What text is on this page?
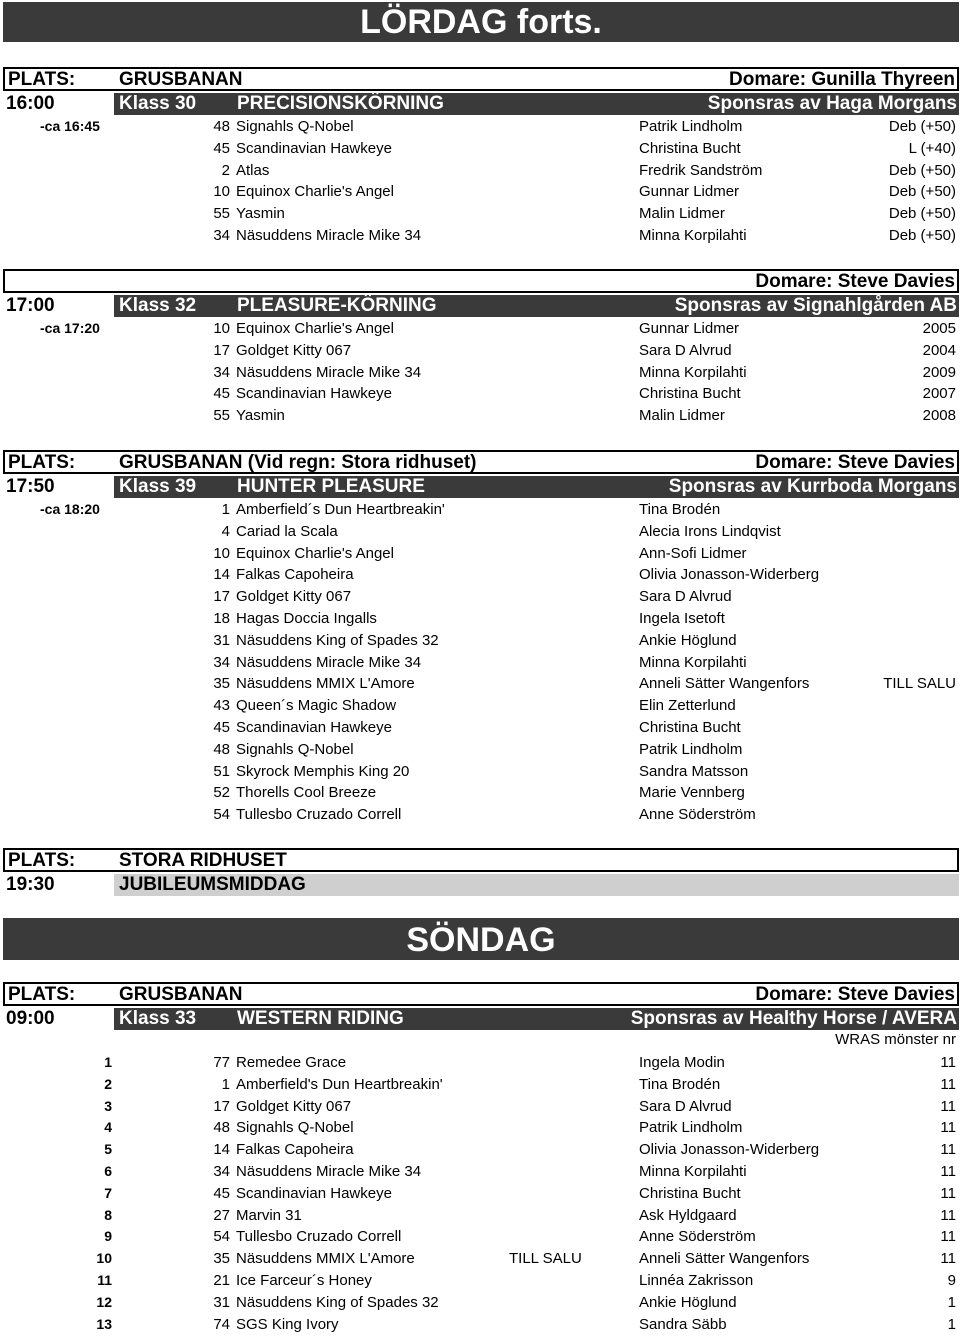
LÖRDAG forts.
PLATS: GRUSBANAN	Domare: Gunilla Thyreen
16:00	Klass 30 PRECISIONSKÖRNING	Sponsras av Haga Morgans
-ca 16:45	48 Signahls Q-Nobel	Patrik Lindholm	Deb (+50)
45 Scandinavian Hawkeye	Christina Bucht	L (+40)
2 Atlas	Fredrik Sandström	Deb (+50)
10 Equinox Charlie's Angel	Gunnar Lidmer	Deb (+50)
55 Yasmin	Malin Lidmer	Deb (+50)
34 Näsuddens Miracle Mike 34	Minna Korpilahti	Deb (+50)
Domare: Steve Davies
17:00	Klass 32 PLEASURE-KÖRNING	Sponsras av Signahlgården AB
-ca 17:20	10 Equinox Charlie's Angel	Gunnar Lidmer	2005
17 Goldget Kitty 067	Sara D Alvrud	2004
34 Näsuddens Miracle Mike 34	Minna Korpilahti	2009
45 Scandinavian Hawkeye	Christina Bucht	2007
55 Yasmin	Malin Lidmer	2008
PLATS: GRUSBANAN (Vid regn: Stora ridhuset)	Domare: Steve Davies
17:50	Klass 39 HUNTER PLEASURE	Sponsras av Kurrboda Morgans
-ca 18:20	1 Amberfield´s Dun Heartbreakin'	Tina Brodén
4 Cariad la Scala	Alecia Irons Lindqvist
10 Equinox Charlie's Angel	Ann-Sofi Lidmer
14 Falkas Capoheira	Olivia Jonasson-Widerberg
17 Goldget Kitty 067	Sara D Alvrud
18 Hagas Doccia Ingalls	Ingela Isetoft
31 Näsuddens King of Spades 32	Ankie Höglund
34 Näsuddens Miracle Mike 34	Minna Korpilahti
35 Näsuddens MMIX L'Amore	Anneli Sätter Wangenfors	TILL SALU
43 Queen´s Magic Shadow	Elin Zetterlund
45 Scandinavian Hawkeye	Christina Bucht
48 Signahls Q-Nobel	Patrik Lindholm
51 Skyrock Memphis King 20	Sandra Matsson
52 Thorells Cool Breeze	Marie Vennberg
54 Tullesbo Cruzado Correll	Anne Söderström
PLATS: STORA RIDHUSET
19:30	JUBILEUMSMIDDAG
SÖNDAG
PLATS: GRUSBANAN	Domare: Steve Davies
09:00	Klass 33 WESTERN RIDING	Sponsras av Healthy Horse / AVERA
WRAS mönster nr
1	77 Remedee Grace	Ingela Modin	11
2	1 Amberfield's Dun Heartbreakin'	Tina Brodén	11
3	17 Goldget Kitty 067	Sara D Alvrud	11
4	48 Signahls Q-Nobel	Patrik Lindholm	11
5	14 Falkas Capoheira	Olivia Jonasson-Widerberg	11
6	34 Näsuddens Miracle Mike 34	Minna Korpilahti	11
7	45 Scandinavian Hawkeye	Christina Bucht	11
8	27 Marvin 31	Ask Hyldgaard	11
9	54 Tullesbo Cruzado Correll	Anne Söderström	11
10	35 Näsuddens MMIX L'Amore	TILL SALU	Anneli Sätter Wangenfors	11
11	21 Ice Farceur´s Honey	Linnéa Zakrisson	9
12	31 Näsuddens King of Spades 32	Ankie Höglund	1
13	74 SGS King Ivory	Sandra Säbb	1
